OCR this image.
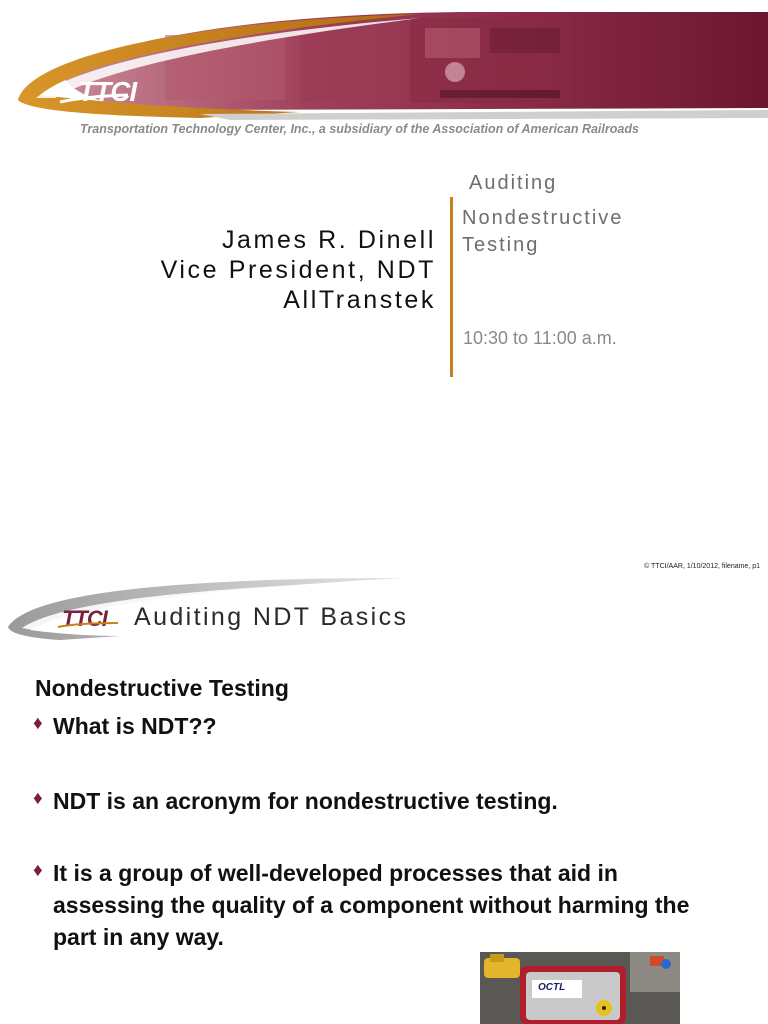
TTCI
Transportation Technology Center, Inc., a subsidiary of the Association of American Railroads
James R. Dinell
Vice President, NDT
AllTranstek
Auditing
Nondestructive
Testing
10:30 to 11:00 a.m.
© TTCI/AAR, 1/10/2012, filename, p1
TTCI Auditing NDT Basics
Nondestructive Testing
♦ What is NDT??
♦ NDT is an acronym for nondestructive testing.
♦ It is a group of well-developed processes that aid in assessing the quality of a component without harming the part in any way.
OCTL
